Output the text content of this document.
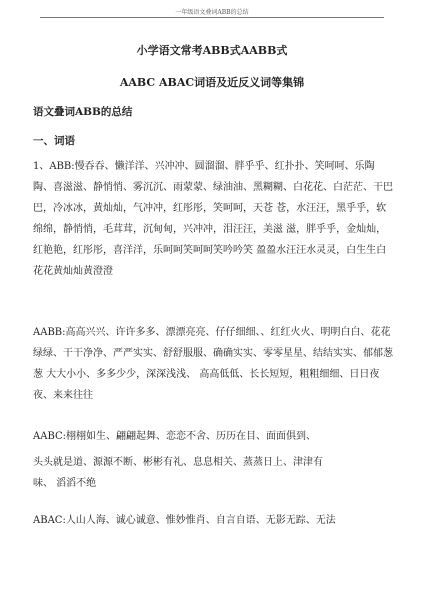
一年级语文叠词ABB的总结
小学语文常考ABB式AABB式
AABC ABAC词语及近反义词等集锦
语文叠词ABB的总结
一、词语
1、ABB:慢吞吞、懒洋洋、兴冲冲、圆溜溜、胖乎乎、红扑扑、笑呵呵、乐陶陶、喜滋滋、静悄悄、雾沉沉、雨蒙蒙、绿油油、黑糊糊、白花花、白茫茫、干巴巴，冷冰冰，黄灿灿，气冲冲，红彤彤，笑呵呵，天苍 苍，水汪汪，黑乎乎，软绵绵，静悄悄，毛茸茸，沉甸甸，兴冲冲，泪汪汪，美滋 滋，胖乎乎，金灿灿，红艳艳，红彤彤，喜洋洋，乐呵呵笑呵呵笑吟吟笑 盈盈水汪汪水灵灵，白生生白花花黄灿灿黄澄澄
AABB:高高兴兴、许许多多、漂漂亮亮、仔仔细细、、红红火火、明明白白、花花绿绿、干干净净、严严实实、舒舒服服、确确实实、零零星星、结结实实、郁郁葱葱 大大小小、多多少少，深深浅浅、 高高低低、长长短短，粗粗细细、日日夜夜、来来往往
AABC:栩栩如生、翩翩起舞、恋恋不舍、历历在目、面面俱到、
头头就是道、源源不断、彬彬有礼、息息相关、蒸蒸日上、津津有
味、 滔滔不绝
ABAC:人山人海、诚心诚意、惟妙惟肖、自言自语、无影无踪、无法
